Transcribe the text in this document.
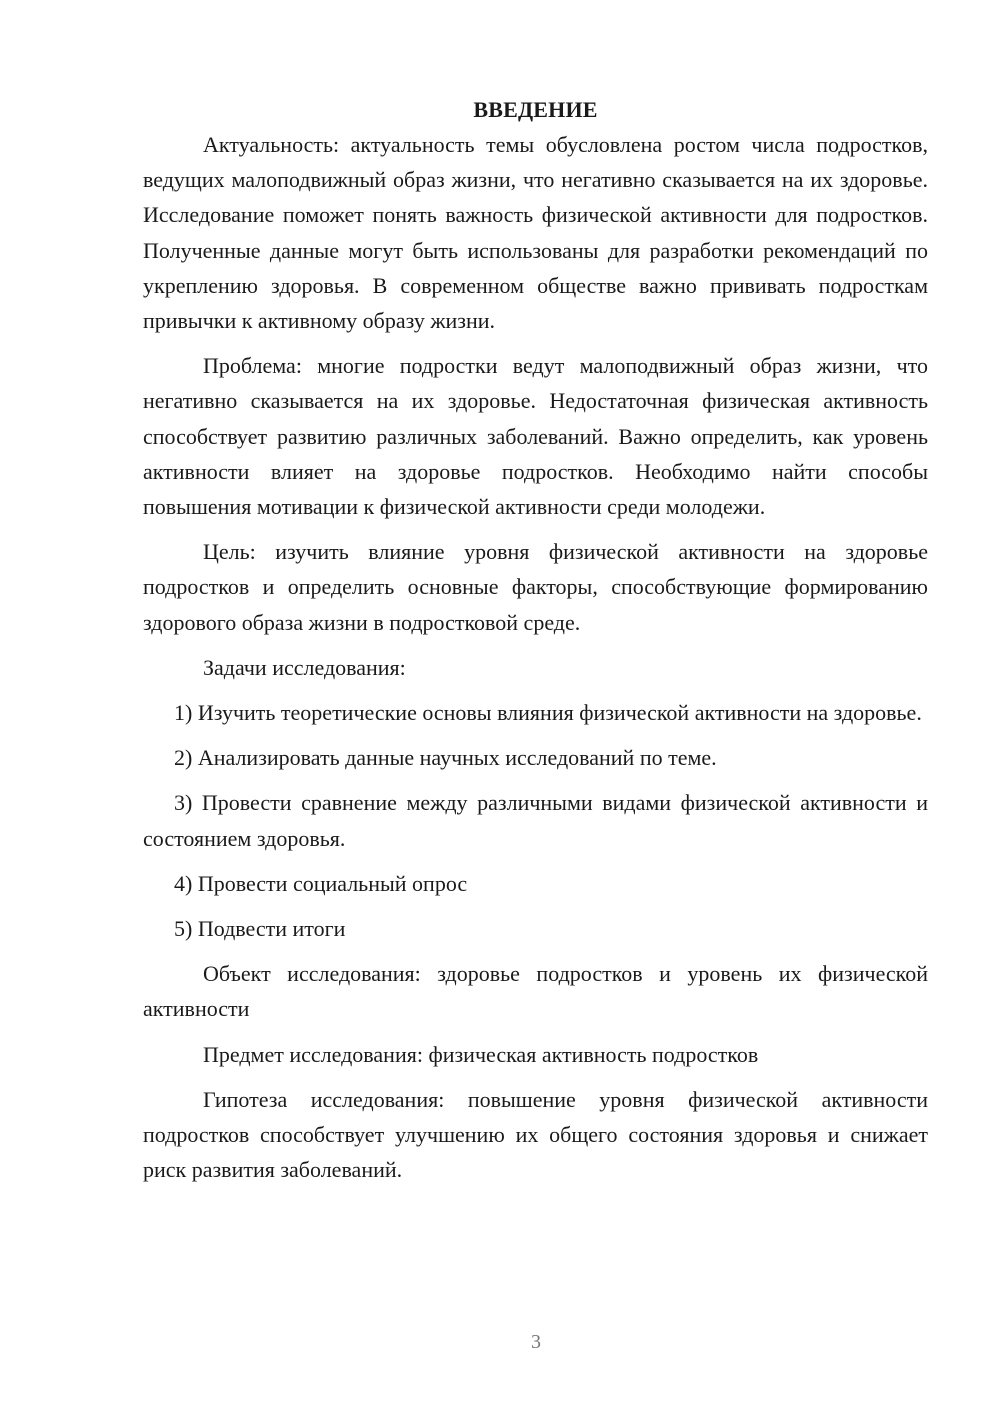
ВВЕДЕНИЕ

Актуальность: актуальность темы обусловлена ростом числа подростков, ведущих малоподвижный образ жизни, что негативно сказывается на их здоровье. Исследование поможет понять важность физической активности для подростков. Полученные данные могут быть использованы для разработки рекомендаций по укреплению здоровья. В современном обществе важно прививать подросткам привычки к активному образу жизни.

Проблема: многие подростки ведут малоподвижный образ жизни, что негативно сказывается на их здоровье. Недостаточная физическая активность способствует развитию различных заболеваний. Важно определить, как уровень активности влияет на здоровье подростков. Необходимо найти способы повышения мотивации к физической активности среди молодежи.

Цель: изучить влияние уровня физической активности на здоровье подростков и определить основные факторы, способствующие формированию здорового образа жизни в подростковой среде.

Задачи исследования:

1) Изучить теоретические основы влияния физической активности на здоровье.

2) Анализировать данные научных исследований по теме.

3) Провести сравнение между различными видами физической активности и состоянием здоровья.

4) Провести социальный опрос

5) Подвести итоги

Объект исследования: здоровье подростков и уровень их физической активности

Предмет исследования: физическая активность подростков

Гипотеза исследования: повышение уровня физической активности подростков способствует улучшению их общего состояния здоровья и снижает риск развития заболеваний.

3
